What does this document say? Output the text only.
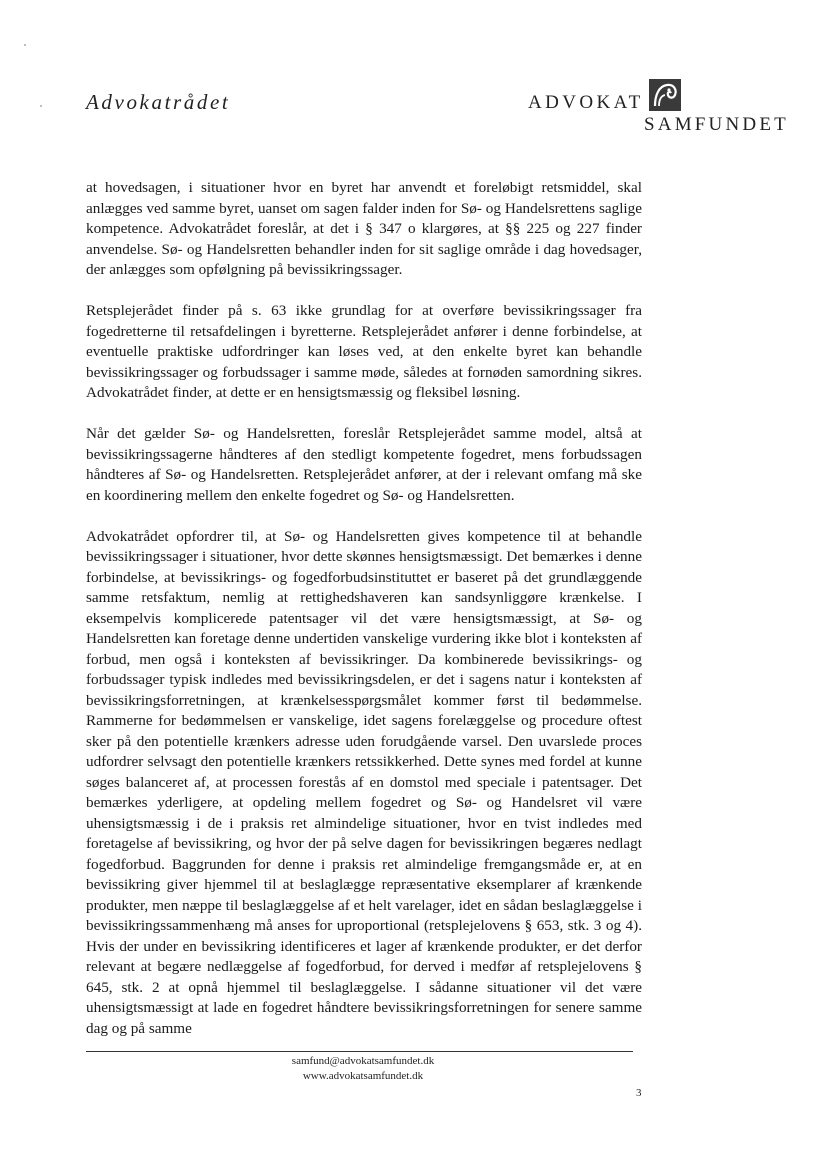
Advokatrådet	ADVOKAT
SAMFUNDET

at hovedsagen, i situationer hvor en byret har anvendt et foreløbigt retsmiddel, skal anlægges ved samme byret, uanset om sagen falder inden for Sø- og Handelsrettens saglige kompetence. Advokatrådet foreslår, at det i § 347 o klargøres, at §§ 225 og 227 finder anvendelse. Sø- og Handelsretten behandler inden for sit saglige område i dag hovedsager, der anlægges som opfølgning på bevissikringssager.

Retsplejerådet finder på s. 63 ikke grundlag for at overføre bevissikringssager fra fogedretterne til retsafdelingen i byretterne. Retsplejerådet anfører i denne forbindelse, at eventuelle praktiske udfordringer kan løses ved, at den enkelte byret kan behandle bevissikringssager og forbudssager i samme møde, således at fornøden samordning sikres. Advokatrådet finder, at dette er en hensigtsmæssig og fleksibel løsning.

Når det gælder Sø- og Handelsretten, foreslår Retsplejerådet samme model, altså at bevissikringssagerne håndteres af den stedligt kompetente fogedret, mens forbudssagen håndteres af Sø- og Handelsretten. Retsplejerådet anfører, at der i relevant omfang må ske en koordinering mellem den enkelte fogedret og Sø- og Handelsretten.

Advokatrådet opfordrer til, at Sø- og Handelsretten gives kompetence til at behandle bevissikringssager i situationer, hvor dette skønnes hensigtsmæssigt. Det bemærkes i denne forbindelse, at bevissikrings- og fogedforbudsinstituttet er baseret på det grundlæggende samme retsfaktum, nemlig at rettighedshaveren kan sandsynliggøre krænkelse. I eksempelvis komplicerede patentsager vil det være hensigtsmæssigt, at Sø- og Handelsretten kan foretage denne undertiden vanskelige vurdering ikke blot i konteksten af forbud, men også i konteksten af bevissikringer. Da kombinerede bevissikrings- og forbudssager typisk indledes med bevissikringsdelen, er det i sagens natur i konteksten af bevissikringsforretningen, at krænkelsesspørgsmålet kommer først til bedømmelse. Rammerne for bedømmelsen er vanskelige, idet sagens forelæggelse og procedure oftest sker på den potentielle krænkers adresse uden forudgående varsel. Den uvarslede proces udfordrer selvsagt den potentielle krænkers retssikkerhed. Dette synes med fordel at kunne søges balanceret af, at processen forestås af en domstol med speciale i patentsager. Det bemærkes yderligere, at opdeling mellem fogedret og Sø- og Handelsret vil være uhensigtsmæssig i de i praksis ret almindelige situationer, hvor en tvist indledes med foretagelse af bevissikring, og hvor der på selve dagen for bevissikringen begæres nedlagt fogedforbud. Baggrunden for denne i praksis ret almindelige fremgangsmåde er, at en bevissikring giver hjemmel til at beslaglægge repræsentative eksemplarer af krænkende produkter, men næppe til beslaglæggelse af et helt varelager, idet en sådan beslaglæggelse i bevissikringssammenhæng må anses for uproportional (retsplejelovens § 653, stk. 3 og 4). Hvis der under en bevissikring identificeres et lager af krænkende produkter, er det derfor relevant at begære nedlæggelse af fogedforbud, for derved i medfør af retsplejelovens § 645, stk. 2 at opnå hjemmel til beslaglæggelse. I sådanne situationer vil det være uhensigtsmæssigt at lade en fogedret håndtere bevissikringsforretningen for senere samme dag og på samme

samfund@advokatsamfundet.dk
www.advokatsamfundet.dk
3
